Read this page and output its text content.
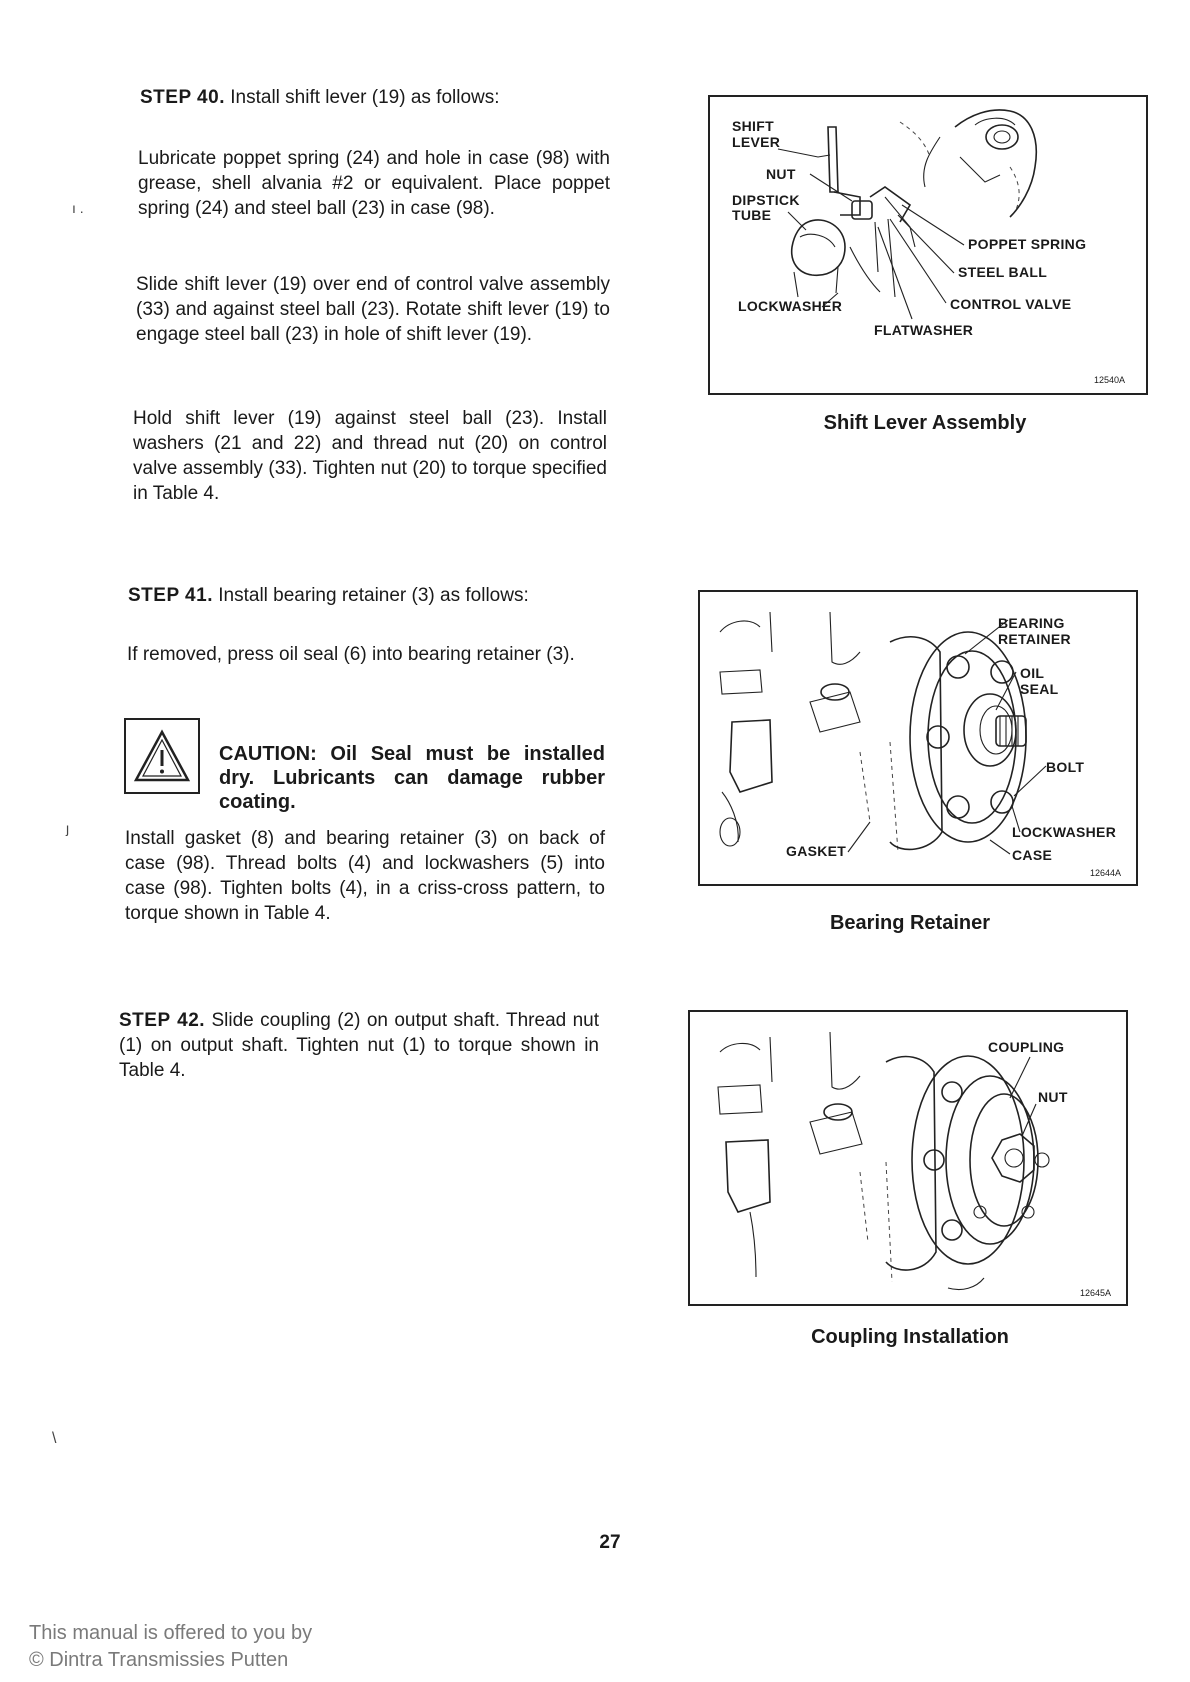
STEP 40. Install shift lever (19) as follows:

Lubricate poppet spring (24) and hole in case (98) with grease, shell alvania #2 or equivalent. Place poppet spring (24) and steel ball (23) in case (98).

Slide shift lever (19) over end of control valve assembly (33) and against steel ball (23). Rotate shift lever (19) to engage steel ball (23) in hole of shift lever (19).

Hold shift lever (19) against steel ball (23). Install washers (21 and 22) and thread nut (20) on control valve assembly (33). Tighten nut (20) to torque specified in Table 4.

STEP 41. Install bearing retainer (3) as follows:

If removed, press oil seal (6) into bearing retainer (3).

CAUTION: Oil Seal must be installed dry. Lubricants can damage rubber coating.

Install gasket (8) and bearing retainer (3) on back of case (98). Thread bolts (4) and lockwashers (5) into case (98). Tighten bolts (4), in a criss-cross pattern, to torque shown in Table 4.

STEP 42. Slide coupling (2) on output shaft. Thread nut (1) on output shaft. Tighten nut (1) to torque shown in Table 4.

ı .
ȷ
\
SHIFT
LEVER
NUT
DIPSTICK
TUBE
POPPET SPRING
STEEL BALL
CONTROL VALVE
LOCKWASHER
FLATWASHER
12540A
Shift Lever Assembly
BEARING
RETAINER
OIL
SEAL
BOLT
LOCKWASHER
GASKET	CASE
12644A
Bearing Retainer
COUPLING
NUT
12645A
Coupling Installation
27
This manual is offered to you by
© Dintra Transmissies Putten
